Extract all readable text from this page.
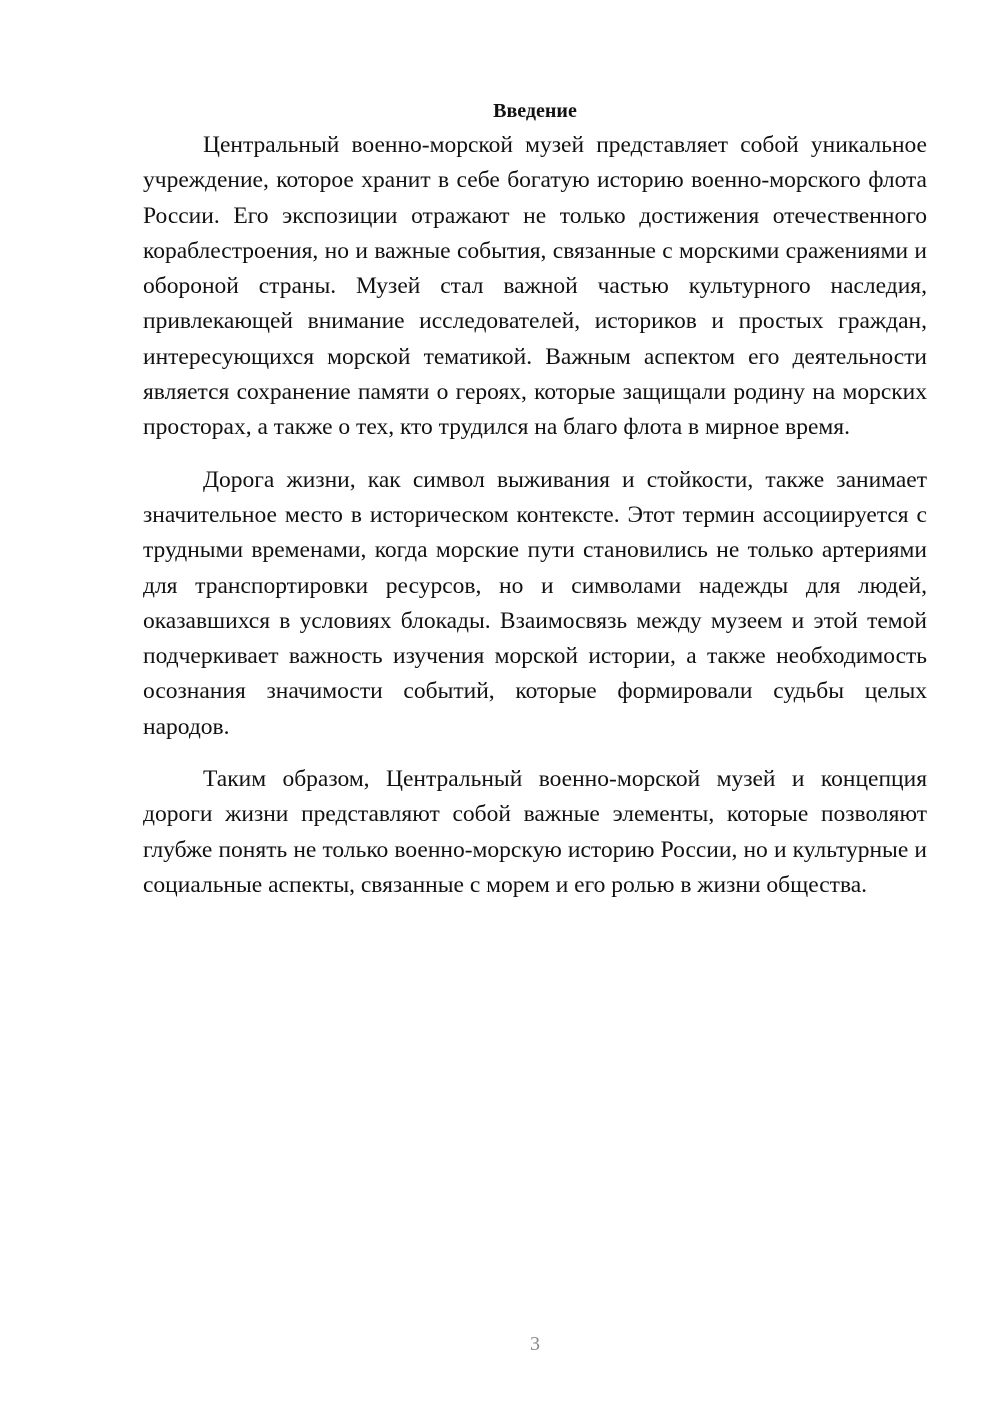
Введение

Центральный военно-морской музей представляет собой уникальное учреждение, которое хранит в себе богатую историю военно-морского флота России. Его экспозиции отражают не только достижения отечественного кораблестроения, но и важные события, связанные с морскими сражениями и обороной страны. Музей стал важной частью культурного наследия, привлекающей внимание исследователей, историков и простых граждан, интересующихся морской тематикой. Важным аспектом его деятельности является сохранение памяти о героях, которые защищали родину на морских просторах, а также о тех, кто трудился на благо флота в мирное время.

Дорога жизни, как символ выживания и стойкости, также занимает значительное место в историческом контексте. Этот термин ассоциируется с трудными временами, когда морские пути становились не только артериями для транспортировки ресурсов, но и символами надежды для людей, оказавшихся в условиях блокады. Взаимосвязь между музеем и этой темой подчеркивает важность изучения морской истории, а также необходимость осознания значимости событий, которые формировали судьбы целых народов.

Таким образом, Центральный военно-морской музей и концепция дороги жизни представляют собой важные элементы, которые позволяют глубже понять не только военно-морскую историю России, но и культурные и социальные аспекты, связанные с морем и его ролью в жизни общества.

3
